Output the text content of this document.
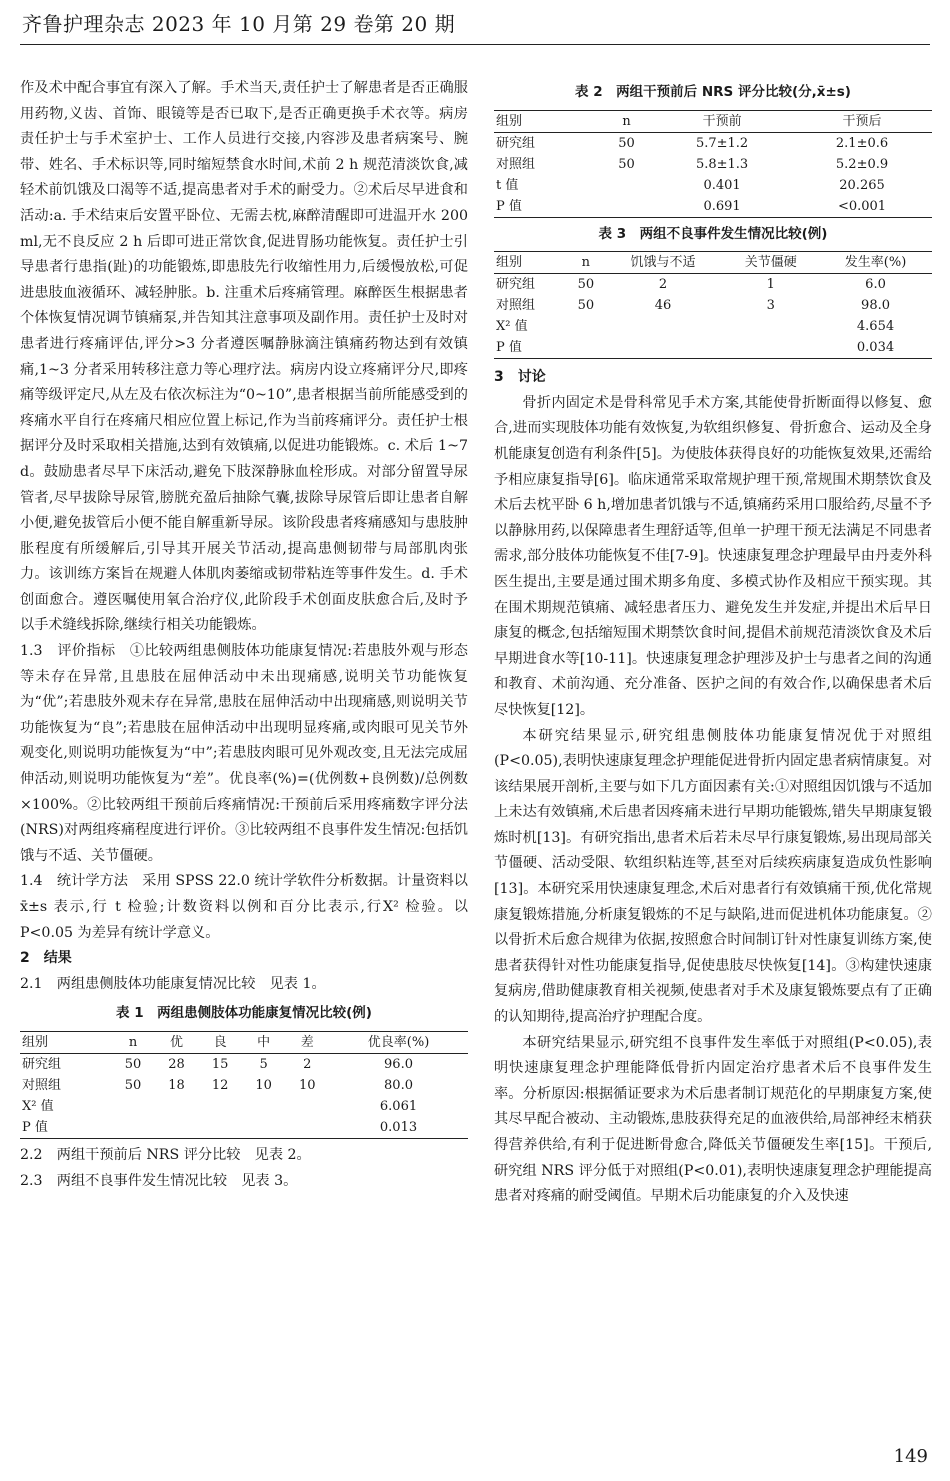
齐鲁护理杂志 2023 年 10 月第 29 卷第 20 期

作及术中配合事宜有深入了解。手术当天,责任护士了解患者是否正确服用药物,义齿、首饰、眼镜等是否已取下,是否正确更换手术衣等。病房责任护士与手术室护士、工作人员进行交接,内容涉及患者病案号、腕带、姓名、手术标识等,同时缩短禁食水时间,术前 2 h 规范清淡饮食,减轻术前饥饿及口渴等不适,提高患者对手术的耐受力。②术后尽早进食和活动:a. 手术结束后安置平卧位、无需去枕,麻醉清醒即可进温开水 200 ml,无不良反应 2 h 后即可进正常饮食,促进胃肠功能恢复。责任护士引导患者行患指(趾)的功能锻炼,即患肢先行收缩性用力,后缓慢放松,可促进患肢血液循环、减轻肿胀。b. 注重术后疼痛管理。麻醉医生根据患者个体恢复情况调节镇痛泵,并告知其注意事项及副作用。责任护士及时对患者进行疼痛评估,评分>3 分者遵医嘱静脉滴注镇痛药物达到有效镇痛,1~3 分者采用转移注意力等心理疗法。病房内设立疼痛评分尺,即疼痛等级评定尺,从左及右依次标注为“0~10”,患者根据当前所能感受到的疼痛水平自行在疼痛尺相应位置上标记,作为当前疼痛评分。责任护士根据评分及时采取相关措施,达到有效镇痛,以促进功能锻炼。c. 术后 1~7 d。鼓励患者尽早下床活动,避免下肢深静脉血栓形成。对部分留置导尿管者,尽早拔除导尿管,膀胱充盈后抽除气囊,拔除导尿管后即让患者自解小便,避免拔管后小便不能自解重新导尿。该阶段患者疼痛感知与患肢肿胀程度有所缓解后,引导其开展关节活动,提高患侧韧带与局部肌肉张力。该训练方案旨在规避人体肌肉萎缩或韧带粘连等事件发生。d. 手术创面愈合。遵医嘱使用氧合治疗仪,此阶段手术创面皮肤愈合后,及时予以手术缝线拆除,继续行相关功能锻炼。

1.3　评价指标　①比较两组患侧肢体功能康复情况:若患肢外观与形态等未存在异常,且患肢在屈伸活动中未出现痛感,说明关节功能恢复为“优”;若患肢外观未存在异常,患肢在屈伸活动中出现痛感,则说明关节功能恢复为“良”;若患肢在屈伸活动中出现明显疼痛,或肉眼可见关节外观变化,则说明功能恢复为“中”;若患肢肉眼可见外观改变,且无法完成屈伸活动,则说明功能恢复为“差”。优良率(%)=(优例数+良例数)/总例数×100%。②比较两组干预前后疼痛情况:干预前后采用疼痛数字评分法(NRS)对两组疼痛程度进行评价。③比较两组不良事件发生情况:包括饥饿与不适、关节僵硬。

1.4　统计学方法　采用 SPSS 22.0 统计学软件分析数据。计量资料以 x̄±s 表示,行 t 检验;计数资料以例和百分比表示,行X² 检验。以 P<0.05 为差异有统计学意义。

2　结果

2.1　两组患侧肢体功能康复情况比较　见表 1。

表 1　两组患侧肢体功能康复情况比较(例)
组别	n	优	良	中	差	优良率(%)
研究组	50	28	15	5	2	96.0
对照组	50	18	12	10	10	80.0
X² 值						6.061
P 值						0.013

2.2　两组干预前后 NRS 评分比较　见表 2。

2.3　两组不良事件发生情况比较　见表 3。

表 2　两组干预前后 NRS 评分比较(分,x̄±s)
组别	n	干预前	干预后
研究组	50	5.7±1.2	2.1±0.6
对照组	50	5.8±1.3	5.2±0.9
t 值		0.401	20.265
P 值		0.691	<0.001
表 3　两组不良事件发生情况比较(例)
组别	n	饥饿与不适	关节僵硬	发生率(%)
研究组	50	2	1	6.0
对照组	50	46	3	98.0
X² 值				4.654
P 值				0.034

3　讨论

骨折内固定术是骨科常见手术方案,其能使骨折断面得以修复、愈合,进而实现肢体功能有效恢复,为软组织修复、骨折愈合、运动及全身机能康复创造有利条件[5]。为使肢体获得良好的功能恢复效果,还需给予相应康复指导[6]。临床通常采取常规护理干预,常规围术期禁饮食及术后去枕平卧 6 h,增加患者饥饿与不适,镇痛药采用口服给药,尽量不予以静脉用药,以保障患者生理舒适等,但单一护理干预无法满足不同患者需求,部分肢体功能恢复不佳[7-9]。快速康复理念护理最早由丹麦外科医生提出,主要是通过围术期多角度、多模式协作及相应干预实现。其在围术期规范镇痛、减轻患者压力、避免发生并发症,并提出术后早日康复的概念,包括缩短围术期禁饮食时间,提倡术前规范清淡饮食及术后早期进食水等[10-11]。快速康复理念护理涉及护士与患者之间的沟通和教育、术前沟通、充分准备、医护之间的有效合作,以确保患者术后尽快恢复[12]。

本研究结果显示,研究组患侧肢体功能康复情况优于对照组(P<0.05),表明快速康复理念护理能促进骨折内固定患者病情康复。对该结果展开剖析,主要与如下几方面因素有关:①对照组因饥饿与不适加上未达有效镇痛,术后患者因疼痛未进行早期功能锻炼,错失早期康复锻炼时机[13]。有研究指出,患者术后若未尽早行康复锻炼,易出现局部关节僵硬、活动受限、软组织粘连等,甚至对后续疾病康复造成负性影响[13]。本研究采用快速康复理念,术后对患者行有效镇痛干预,优化常规康复锻炼措施,分析康复锻炼的不足与缺陷,进而促进机体功能康复。②以骨折术后愈合规律为依据,按照愈合时间制订针对性康复训练方案,使患者获得针对性功能康复指导,促使患肢尽快恢复[14]。③构建快速康复病房,借助健康教育相关视频,使患者对手术及康复锻炼要点有了正确的认知期待,提高治疗护理配合度。

本研究结果显示,研究组不良事件发生率低于对照组(P<0.05),表明快速康复理念护理能降低骨折内固定治疗患者术后不良事件发生率。分析原因:根据循证要求为术后患者制订规范化的早期康复方案,使其尽早配合被动、主动锻炼,患肢获得充足的血液供给,局部神经末梢获得营养供给,有利于促进断骨愈合,降低关节僵硬发生率[15]。干预后,研究组 NRS 评分低于对照组(P<0.01),表明快速康复理念护理能提高患者对疼痛的耐受阈值。早期术后功能康复的介入及快速

149
